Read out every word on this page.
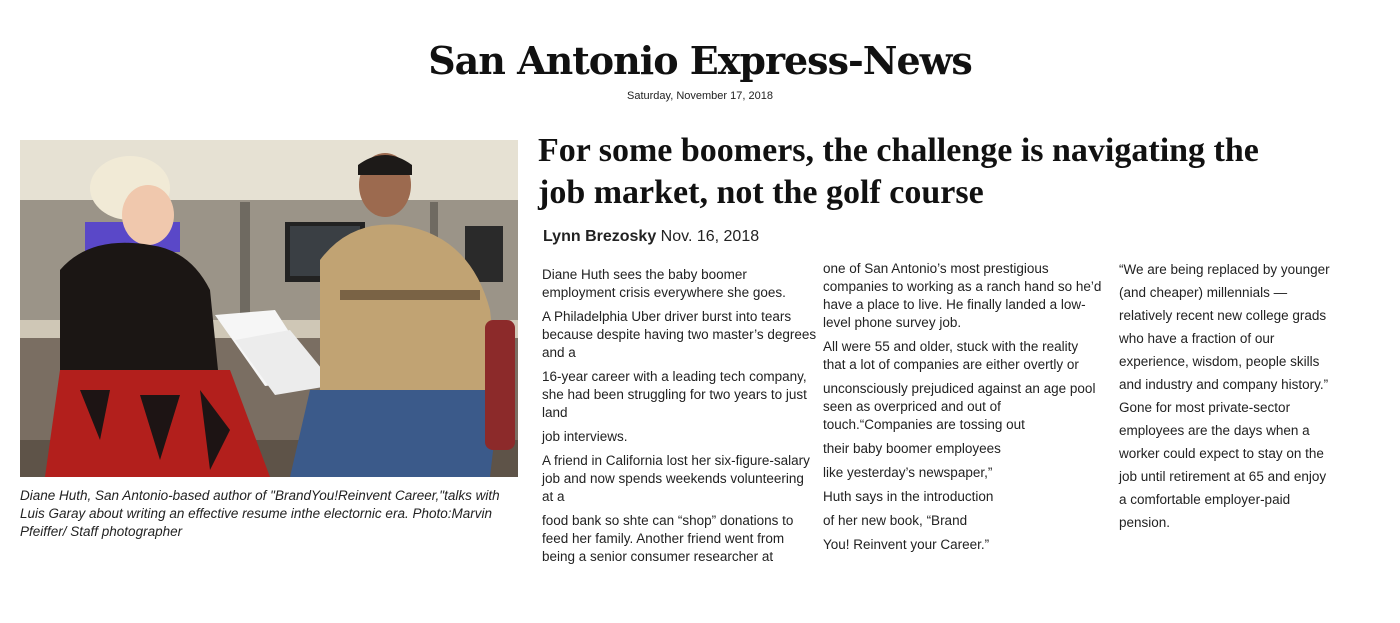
San Antonio Express-News
Saturday, November 17, 2018
Diane Huth, San Antonio-based author of "BrandYou!Reinvent Career,"talks with Luis Garay about writing an effective resume inthe electornic era. Photo:Marvin Pfeiffer/ Staff photographer
For some boomers, the challenge is navigating the job market, not the golf course
Lynn Brezosky Nov. 16, 2018

Diane Huth sees the baby boomer employment crisis everywhere she goes.

A Philadelphia Uber driver burst into tears because despite having two master’s degrees and a

16-year career with a leading tech company, she had been struggling for two years to just land

job interviews.

A friend in California lost her six-figure-salary job and now spends weekends volunteering at a

food bank so shte can “shop” donations to feed her family. Another friend went from being a senior consumer researcher at

one of San Antonio’s most prestigious companies to working as a ranch hand so he’d have a place to live. He finally landed a low-level phone survey job.

All were 55 and older, stuck with the reality that a lot of companies are either overtly or

unconsciously prejudiced against an age pool seen as overpriced and out of touch.“Companies are tossing out

their baby boomer employees

like yesterday’s newspaper,”

Huth says in the introduction

of her new book, “Brand

You! Reinvent your Career.”

“We are being replaced by younger (and cheaper) millennials — relatively recent new college grads who have a fraction of our experience, wisdom, people skills and industry and company history.”

Gone for most private-sector employees are the days when a worker could expect to stay on the job until retirement at 65 and enjoy a comfortable employer-paid pension.
